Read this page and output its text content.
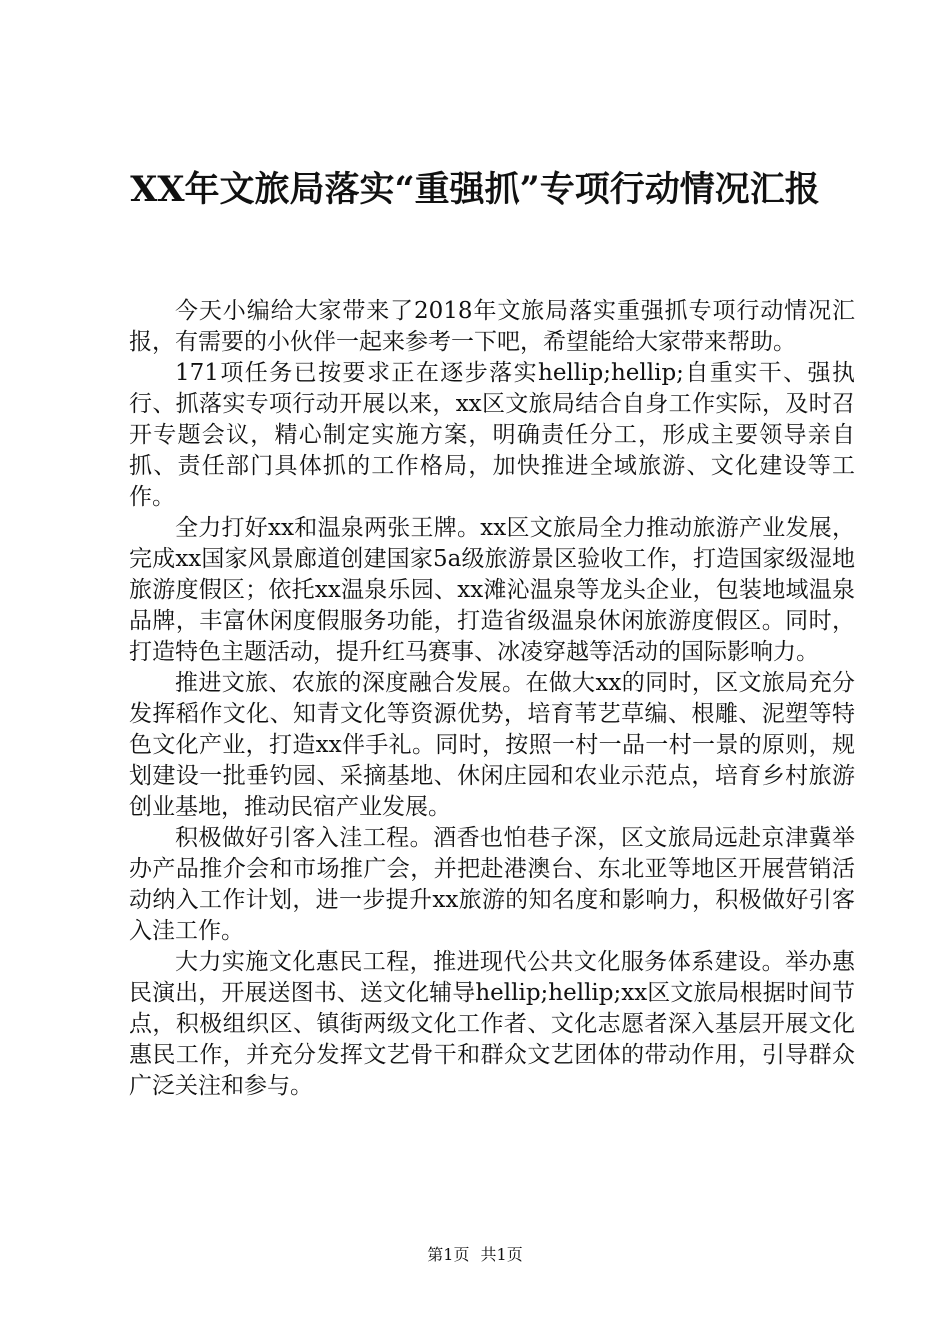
XX年文旅局落实“重强抓”专项行动情况汇报

今天小编给大家带来了2018年文旅局落实重强抓专项行动情况汇报，有需要的小伙伴一起来参考一下吧，希望能给大家带来帮助。

171项任务已按要求正在逐步落实hellip;hellip;自重实干、强执行、抓落实专项行动开展以来，xx区文旅局结合自身工作实际，及时召开专题会议，精心制定实施方案，明确责任分工，形成主要领导亲自抓、责任部门具体抓的工作格局，加快推进全域旅游、文化建设等工作。

全力打好xx和温泉两张王牌。xx区文旅局全力推动旅游产业发展，完成xx国家风景廊道创建国家5a级旅游景区验收工作，打造国家级湿地旅游度假区；依托xx温泉乐园、xx滩沁温泉等龙头企业，包装地域温泉品牌，丰富休闲度假服务功能，打造省级温泉休闲旅游度假区。同时，打造特色主题活动，提升红马赛事、冰凌穿越等活动的国际影响力。

推进文旅、农旅的深度融合发展。在做大xx的同时，区文旅局充分发挥稻作文化、知青文化等资源优势，培育苇艺草编、根雕、泥塑等特色文化产业，打造xx伴手礼。同时，按照一村一品一村一景的原则，规划建设一批垂钓园、采摘基地、休闲庄园和农业示范点，培育乡村旅游创业基地，推动民宿产业发展。

积极做好引客入洼工程。酒香也怕巷子深，区文旅局远赴京津冀举办产品推介会和市场推广会，并把赴港澳台、东北亚等地区开展营销活动纳入工作计划，进一步提升xx旅游的知名度和影响力，积极做好引客入洼工作。

大力实施文化惠民工程，推进现代公共文化服务体系建设。举办惠民演出，开展送图书、送文化辅导hellip;hellip;xx区文旅局根据时间节点，积极组织区、镇街两级文化工作者、文化志愿者深入基层开展文化惠民工作，并充分发挥文艺骨干和群众文艺团体的带动作用，引导群众广泛关注和参与。

第1页 共1页
